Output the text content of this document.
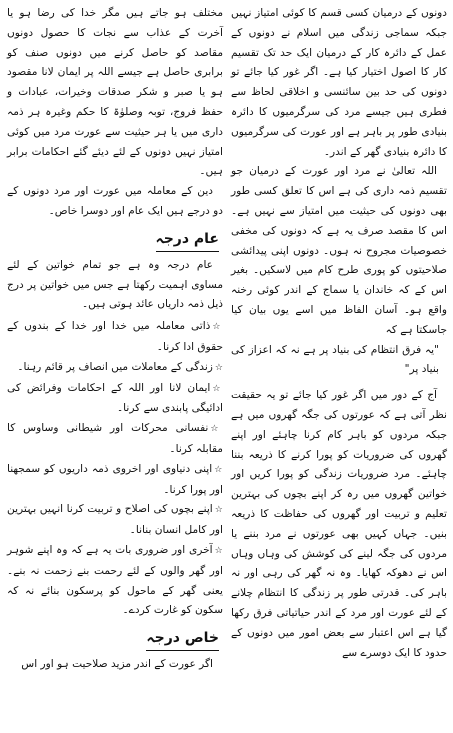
دونوں کے درمیان کسی قسم کا کوئی امتیاز نہیں جبکہ سماجی زندگی میں اسلام نے دونوں کے عمل کے دائرہ کار کے درمیان ایک حد تک تقسیم کار کا اصول اختیار کیا ہے۔ اگر غور کیا جائے تو دونوں کی حد بین سائنسی و اخلاقی لحاظ سے فطری ہیں جیسے مرد کی سرگرمیوں کا دائرہ بنیادی طور پر باہر ہے اور عورت کی سرگرمیوں کا دائرہ بنیادی گھر کے اندر۔

اللہ تعالیٰ نے مرد اور عورت کے درمیان جو تقسیم ذمہ داری کی ہے اس کا تعلق کسی طور بھی دونوں کی حیثیت میں امتیاز سے نہیں ہے۔ اس کا مقصد صرف یہ ہے کہ دونوں کی مخفی خصوصیات مجروح نہ ہوں۔ دونوں اپنی پیدائشی صلاحیتوں کو پوری طرح کام میں لاسکیں۔ بغیر اس کے کہ خاندان یا سماج کے اندر کوئی رخنہ واقع ہو۔ آسان الفاظ میں اسے یوں بیان کیا جاسکتا ہے کہ

"یہ فرق انتظام کی بنیاد پر ہے نہ کہ اعزاز کی بنیاد پر"

آج کے دور میں اگر غور کیا جائے تو یہ حقیقت نظر آتی ہے کہ عورتوں کی جگہ گھروں میں ہے جبکہ مردوں کو باہر کام کرنا چاہئے اور اپنے گھروں کی ضروریات کو پورا کرنے کا ذریعہ بننا چاہئے۔ مرد ضروریات زندگی کو پورا کریں اور خواتین گھروں میں رہ کر اپنے بچوں کی بہترین تعلیم و تربیت اور گھروں کی حفاظت کا ذریعہ بنیں۔ جہاں کہیں بھی عورتوں نے مرد بننے یا مردوں کی جگہ لینے کی کوشش کی وہاں وہاں اس نے دھوکہ کھایا۔ وہ نہ گھر کی رہی اور نہ باہر کی۔ قدرتی طور پر زندگی کا انتظام چلانے کے لئے عورت اور مرد کے اندر حیاتیاتی فرق رکھا گیا ہے اس اعتبار سے بعض امور میں دونوں کے حدود کا ایک دوسرے سے

مختلف ہو جاتے ہیں مگر خدا کی رضا ہو یا آخرت کے عذاب سے نجات کا حصول دونوں مقاصد کو حاصل کرنے میں دونوں صنف کو برابری حاصل ہے جیسے اللہ پر ایمان لانا مقصود ہو یا صبر و شکر صدقات وخیرات، عبادات و حفظ فروج، توبہ وصلوٰۃ کا حکم وغیرہ ہر ذمہ داری میں یا ہر حیثیت سے عورت مرد میں کوئی امتیاز نہیں دونوں کے لئے دیئے گئے احکامات برابر ہیں۔

دین کے معاملہ میں عورت اور مرد دونوں کے دو درجے ہیں ایک عام اور دوسرا خاص۔

عام درجہ

عام درجہ وہ ہے جو تمام خواتین کے لئے مساوی اہمیت رکھتا ہے جس میں خواتین پر درج ذیل ذمہ داریاں عائد ہوتی ہیں۔

☆ذاتی معاملہ میں خدا اور خدا کے بندوں کے حقوق ادا کرنا۔
☆زندگی کے معاملات میں انصاف پر قائم رہنا۔
☆ایمان لانا اور اللہ کے احکامات وفرائض کی ادائیگی پابندی سے کرنا۔
☆نفسانی محرکات اور شیطانی وساوس کا مقابلہ کرنا۔
☆اپنی دنیاوی اور اخروی ذمہ داریوں کو سمجھنا اور پورا کرنا۔
☆اپنے بچوں کی اصلاح و تربیت کرنا انہیں بہترین اور کامل انسان بنانا۔
☆آخری اور ضروری بات یہ ہے کہ وہ اپنے شوہر اور گھر والوں کے لئے رحمت بنے زحمت نہ بنے۔ یعنی گھر کے ماحول کو پرسکون بنائے نہ کہ سکون کو غارت کردے۔
خاص درجہ

اگر عورت کے اندر مزید صلاحیت ہو اور اس
